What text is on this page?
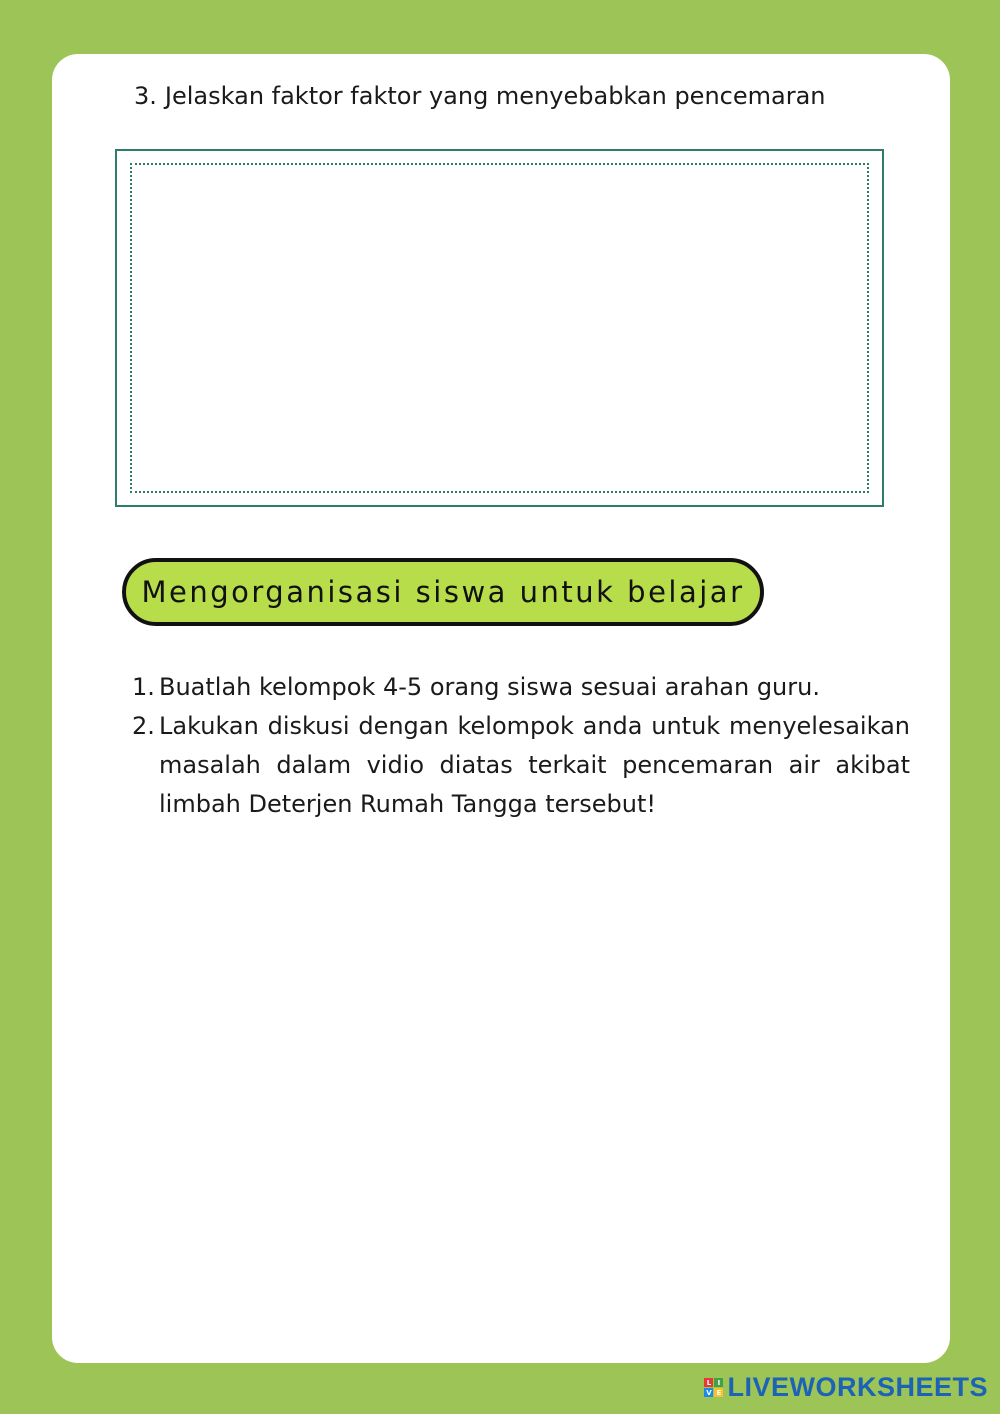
3. Jelaskan faktor faktor yang menyebabkan pencemaran
Mengorganisasi siswa untuk belajar
1. Buatlah kelompok 4-5 orang siswa sesuai arahan guru.
2. Lakukan diskusi dengan kelompok anda untuk menyelesaikan masalah dalam vidio diatas terkait pencemaran air akibat limbah Deterjen Rumah Tangga tersebut!
L I
V E LIVEWORKSHEETS
